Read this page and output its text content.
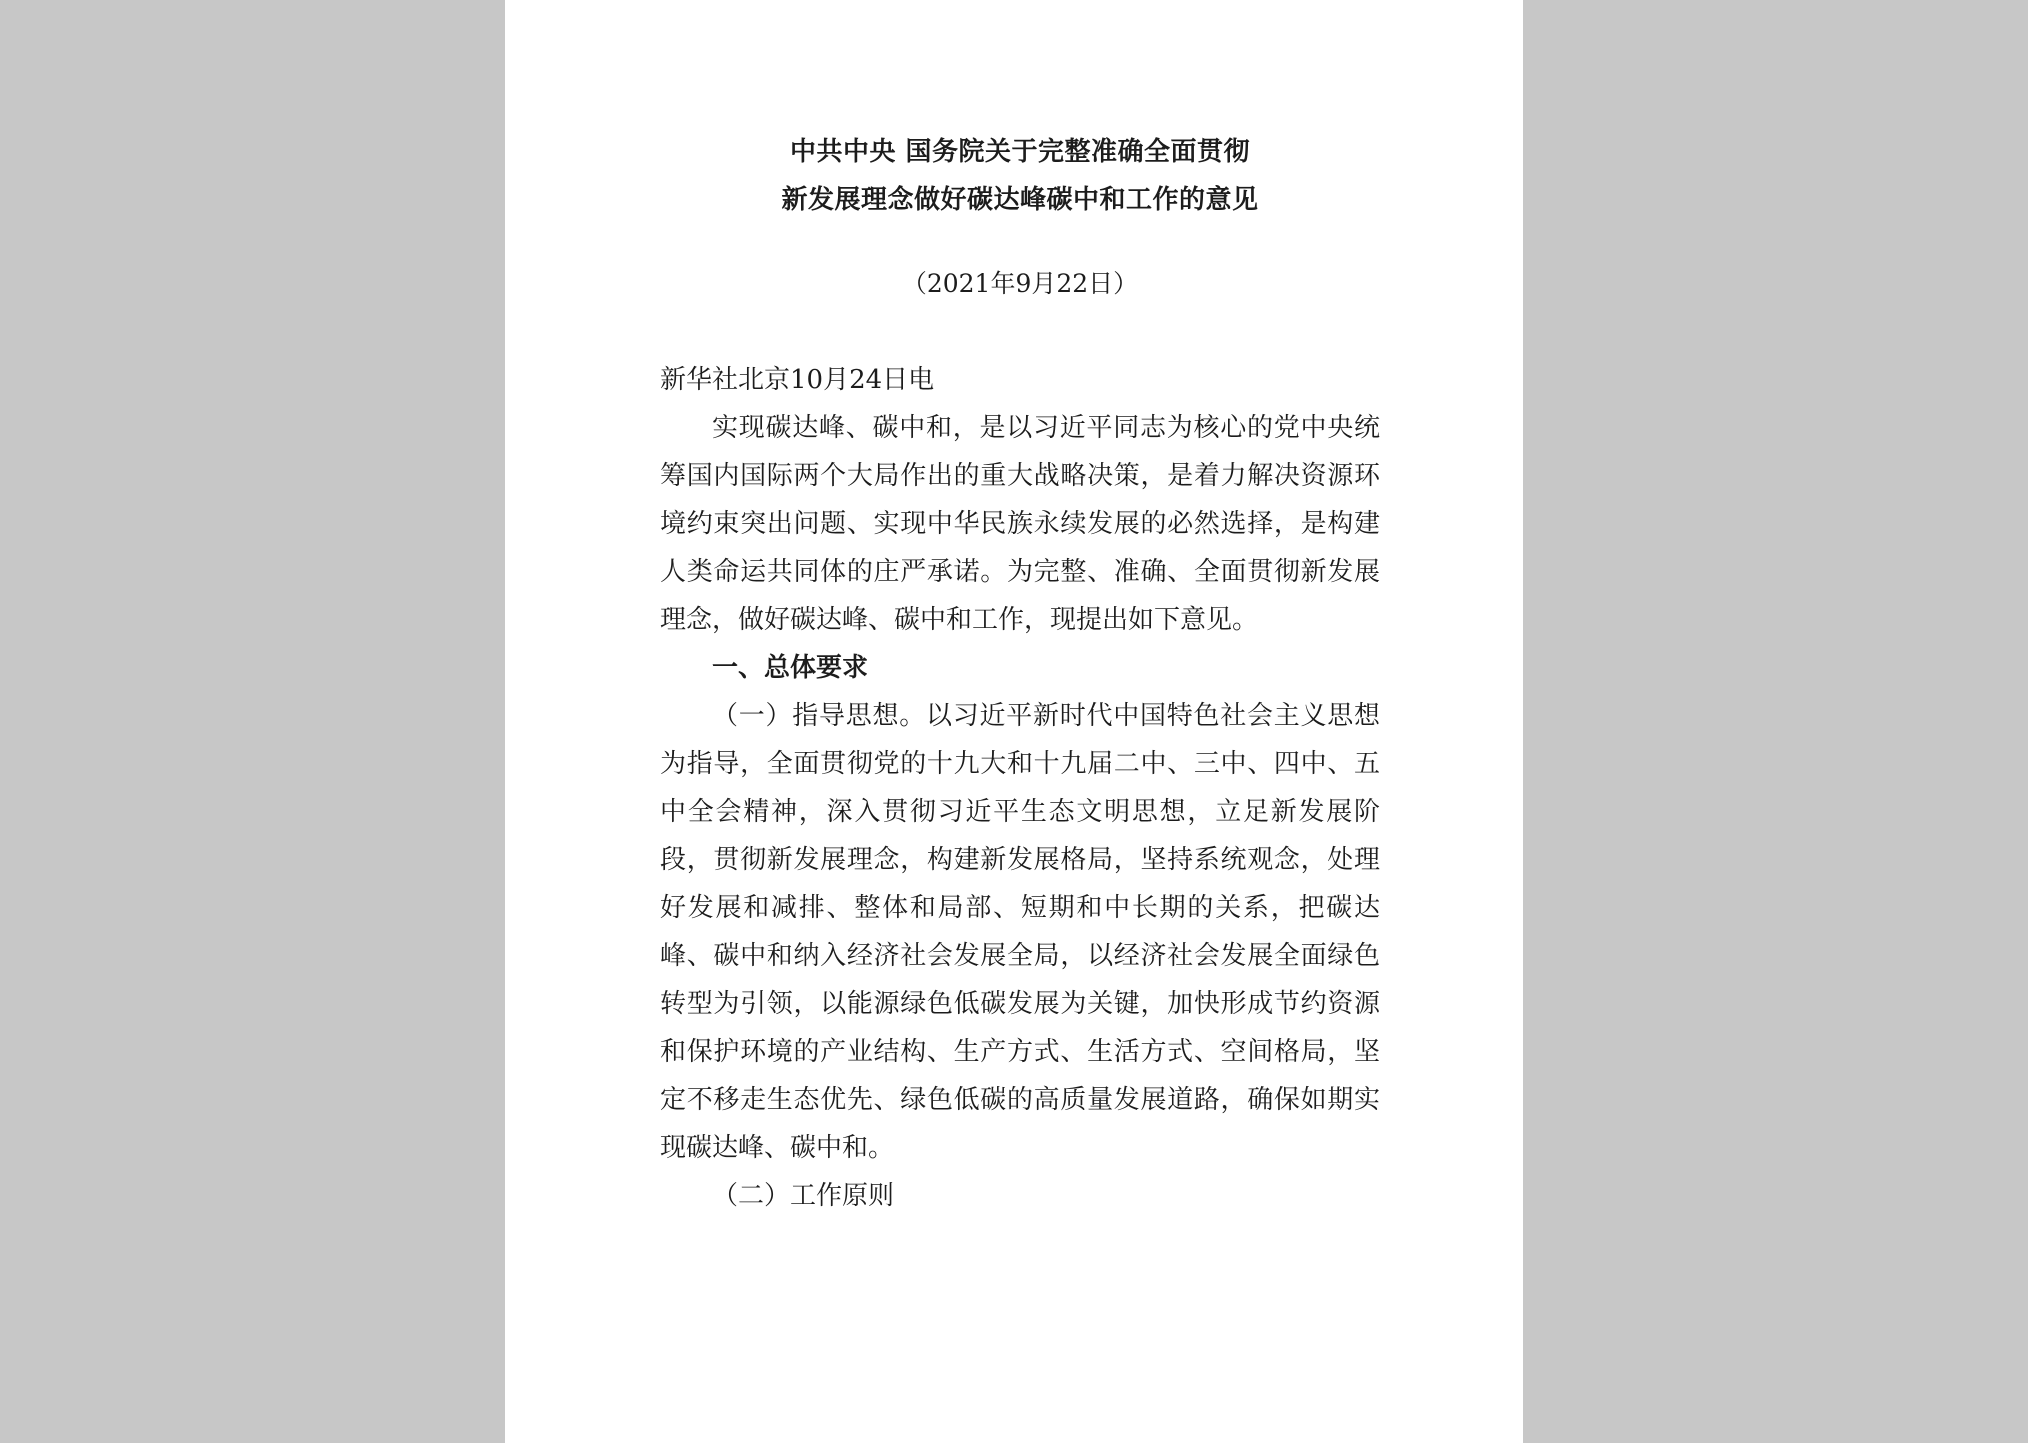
中共中央 国务院关于完整准确全面贯彻
新发展理念做好碳达峰碳中和工作的意见

（2021年9月22日）

新华社北京10月24日电

实现碳达峰、碳中和，是以习近平同志为核心的党中央统筹国内国际两个大局作出的重大战略决策，是着力解决资源环境约束突出问题、实现中华民族永续发展的必然选择，是构建人类命运共同体的庄严承诺。为完整、准确、全面贯彻新发展理念，做好碳达峰、碳中和工作，现提出如下意见。

一、总体要求

（一）指导思想。以习近平新时代中国特色社会主义思想为指导，全面贯彻党的十九大和十九届二中、三中、四中、五中全会精神，深入贯彻习近平生态文明思想，立足新发展阶段，贯彻新发展理念，构建新发展格局，坚持系统观念，处理好发展和减排、整体和局部、短期和中长期的关系，把碳达峰、碳中和纳入经济社会发展全局，以经济社会发展全面绿色转型为引领，以能源绿色低碳发展为关键，加快形成节约资源和保护环境的产业结构、生产方式、生活方式、空间格局，坚定不移走生态优先、绿色低碳的高质量发展道路，确保如期实现碳达峰、碳中和。

（二）工作原则
